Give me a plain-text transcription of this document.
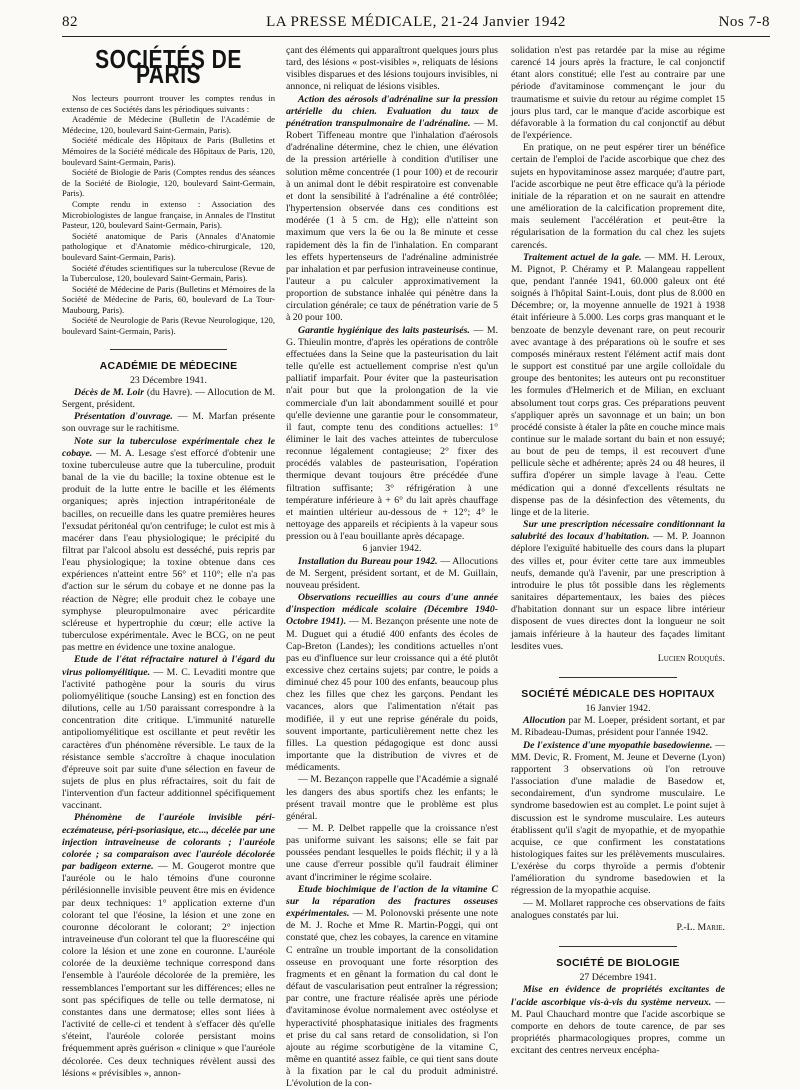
82	LA PRESSE MÉDICALE, 21-24 Janvier 1942	Nos 7-8
SOCIÉTÉS DE PARIS

Nos lecteurs pourront trouver les comptes rendus in extenso de ces Sociétés dans les périodiques suivants :

Académie de Médecine (Bulletin de l'Académie de Médecine, 120, boulevard Saint-Germain, Paris).

Société médicale des Hôpitaux de Paris (Bulletins et Mémoires de la Société médicale des Hôpitaux de Paris, 120, boulevard Saint-Germain, Paris).

Société de Biologie de Paris (Comptes rendus des séances de la Société de Biologie, 120, boulevard Saint-Germain, Paris).

Compte rendu in extenso : Association des Microbiologistes de langue française, in Annales de l'Institut Pasteur, 120, boulevard Saint-Germain, Paris).

Société anatomique de Paris (Annales d'Anatomie pathologique et d'Anatomie médico-chirurgicale, 120, boulevard Saint-Germain, Paris).

Société d'études scientifiques sur la tuberculose (Revue de la Tuberculose, 120, boulevard Saint-Germain, Paris).

Société de Médecine de Paris (Bulletins et Mémoires de la Société de Médecine de Paris, 60, boulevard de La Tour-Maubourg, Paris).

Société de Neurologie de Paris (Revue Neurologique, 120, boulevard Saint-Germain, Paris).

ACADÉMIE DE MÉDECINE

23 Décembre 1941.

Décès de M. Loir (du Havre). — Allocution de M. Sergent, président.

Présentation d'ouvrage. — M. Marfan présente son ouvrage sur le rachitisme.

Note sur la tuberculose expérimentale chez le cobaye. — M. A. Lesage s'est efforcé d'obtenir une toxine tuberculeuse autre que la tuberculine, produit banal de la vie du bacille; la toxine obtenue est le produit de la lutte entre le bacille et les éléments organiques; après injection intrapéritonéale de bacilles, on recueille dans les quatre premières heures l'exsudat péritonéal qu'on centrifuge; le culot est mis à macérer dans l'eau physiologique; le précipité du filtrat par l'alcool absolu est desséché, puis repris par l'eau physiologique; la toxine obtenue dans ces expériences n'atteint entre 56° et 110°; elle n'a pas d'action sur le sérum du cobaye et ne donne pas la réaction de Nègre; elle produit chez le cobaye une symphyse pleuropulmonaire avec péricardite scléreuse et hypertrophie du cœur; elle active la tuberculose expérimentale. Avec le BCG, on ne peut pas mettre en évidence une toxine analogue.

Etude de l'état réfractaire naturel à l'égard du virus poliomyélitique. — M. C. Levaditi montre que l'activité pathogène pour la souris du virus poliomyélitique (souche Lansing) est en fonction des dilutions, celle au 1/50 paraissant correspondre à la concentration dite critique. L'immunité naturelle antipoliomyélitique est oscillante et peut revêtir les caractères d'un phénomène réversible. Le taux de la résistance semble s'accroître à chaque inoculation d'épreuve soit par suite d'une sélection en faveur de sujets de plus en plus réfractaires, soit du fait de l'intervention d'un facteur additionnel spécifiquement vaccinant.

Phénomène de l'auréole invisible péri-eczémateuse, péri-psoriasique, etc..., décelée par une injection intraveineuse de colorants ; l'auréole colorée ; sa comparaison avec l'auréole décolorée par badigeon externe. — M. Gougerot montre que l'auréole ou le halo témoins d'une couronne périlésionnelle invisible peuvent être mis en évidence par deux techniques: 1° application externe d'un colorant tel que l'éosine, la lésion et une zone en couronne décolorant le colorant; 2° injection intraveineuse d'un colorant tel que la fluorescéine qui colore la lésion et une zone en couronne. L'auréole colorée de la deuxième technique correspond dans l'ensemble à l'auréole décolorée de la première, les ressemblances l'emportant sur les différences; elles ne sont pas spécifiques de telle ou telle dermatose, ni constantes dans une dermatose; elles sont liées à l'activité de celle-ci et tendent à s'effacer dès qu'elle s'éteint, l'auréole colorée persistant moins fréquemment après guérison « clinique » que l'auréole décolorée. Ces deux techniques révèlent aussi des lésions « prévisibles », annon-

çant des éléments qui apparaîtront quelques jours plus tard, des lésions « post-visibles », reliquats de lésions visibles disparues et des lésions toujours invisibles, ni annonce, ni reliquat de lésions visibles.

Action des aérosols d'adrénaline sur la pression artérielle du chien. Evaluation du taux de pénétration transpulmonaire de l'adrénaline. — M. Robert Tiffeneau montre que l'inhalation d'aérosols d'adrénaline détermine, chez le chien, une élévation de la pression artérielle à condition d'utiliser une solution même concentrée (1 pour 100) et de recourir à un animal dont le débit respiratoire est convenable et dont la sensibilité à l'adrénaline a été contrôlée; l'hypertension observée dans ces conditions est modérée (1 à 5 cm. de Hg); elle n'atteint son maximum que vers la 6e ou la 8e minute et cesse rapidement dès la fin de l'inhalation. En comparant les effets hypertenseurs de l'adrénaline administrée par inhalation et par perfusion intraveineuse continue, l'auteur a pu calculer approximativement la proportion de substance inhalée qui pénètre dans la circulation générale; ce taux de pénétration varie de 5 à 20 pour 100.

Garantie hygiénique des laits pasteurisés. — M. G. Thieulin montre, d'après les opérations de contrôle effectuées dans la Seine que la pasteurisation du lait telle qu'elle est actuellement comprise n'est qu'un palliatif imparfait. Pour éviter que la pasteurisation n'ait pour but que la prolongation de la vie commerciale d'un lait abondamment souillé et pour qu'elle devienne une garantie pour le consommateur, il faut, compte tenu des conditions actuelles: 1° éliminer le lait des vaches atteintes de tuberculose reconnue légalement contagieuse; 2° fixer des procédés valables de pasteurisation, l'opération thermique devant toujours être précédée d'une filtration suffisante; 3° réfrigération à une température inférieure à + 6° du lait après chauffage et maintien ultérieur au-dessous de + 12°; 4° le nettoyage des appareils et récipients à la vapeur sous pression ou à l'eau bouillante après décapage.

6 janvier 1942.

Installation du Bureau pour 1942. — Allocutions de M. Sergent, président sortant, et de M. Guillain, nouveau président.

Observations recueillies au cours d'une année d'inspection médicale scolaire (Décembre 1940-Octobre 1941). — M. Bezançon présente une note de M. Duguet qui a étudié 400 enfants des écoles de Cap-Breton (Landes); les conditions actuelles n'ont pas eu d'influence sur leur croissance qui a été plutôt excessive chez certains sujets; par contre, le poids a diminué chez 45 pour 100 des enfants, beaucoup plus chez les filles que chez les garçons. Pendant les vacances, alors que l'alimentation n'était pas modifiée, il y eut une reprise générale du poids, souvent importante, particulièrement nette chez les filles. La question pédagogique est donc aussi importante que la distribution de vivres et de médicaments.

— M. Bezançon rappelle que l'Académie a signalé les dangers des abus sportifs chez les enfants; le présent travail montre que le problème est plus général.

— M. P. Delbet rappelle que la croissance n'est pas uniforme suivant les saisons; elle se fait par poussées pendant lesquelles le poids fléchit; il y a là une cause d'erreur possible qu'il faudrait éliminer avant d'incriminer le régime scolaire.

Etude biochimique de l'action de la vitamine C sur la réparation des fractures osseuses expérimentales. — M. Polonovski présente une note de M. J. Roche et Mme R. Martin-Poggi, qui ont constaté que, chez les cobayes, la carence en vitamine C entraîne un trouble important de la consolidation osseuse en provoquant une forte résorption des fragments et en gênant la formation du cal dont le défaut de vascularisation peut entraîner la régression; par contre, une fracture réalisée après une période d'avitaminose évolue normalement avec ostéolyse et hyperactivité phosphatasique initiales des fragments et prise du cal sans retard de consolidation, si l'on ajoute au régime scorbutigène de la vitamine C, même en quantité assez faible, ce qui tient sans doute à la fixation par le cal du produit administré. L'évolution de la con-

solidation n'est pas retardée par la mise au régime carencé 14 jours après la fracture, le cal conjonctif étant alors constitué; elle l'est au contraire par une période d'avitaminose commençant le jour du traumatisme et suivie du retour au régime complet 15 jours plus tard, car le manque d'acide ascorbique est défavorable à la formation du cal conjonctif au début de l'expérience.

En pratique, on ne peut espérer tirer un bénéfice certain de l'emploi de l'acide ascorbique que chez des sujets en hypovitaminose assez marquée; d'autre part, l'acide ascorbique ne peut être efficace qu'à la période initiale de la réparation et on ne saurait en attendre une amélioration de la calcification proprement dite, mais seulement l'accélération et peut-être la régularisation de la formation du cal chez les sujets carencés.

Traitement actuel de la gale. — MM. H. Leroux, M. Pignot, P. Chéramy et P. Malangeau rappellent que, pendant l'année 1941, 60.000 galeux ont été soignés à l'hôpital Saint-Louis, dont plus de 8.000 en Décembre; or, la moyenne annuelle de 1921 à 1938 était inférieure à 5.000. Les corps gras manquant et le benzoate de benzyle devenant rare, on peut recourir avec avantage à des préparations où le soufre et ses composés minéraux restent l'élément actif mais dont le support est constitué par une argile colloïdale du groupe des bentonites; les auteurs ont pu reconstituer les formules d'Helmerich et de Milian, en excluant absolument tout corps gras. Ces préparations peuvent s'appliquer après un savonnage et un bain; un bon procédé consiste à étaler la pâte en couche mince mais continue sur le malade sortant du bain et non essuyé; au bout de peu de temps, il est recouvert d'une pellicule sèche et adhérente; après 24 ou 48 heures, il suffira d'opérer un simple lavage à l'eau. Cette médication qui a donné d'excellents résultats ne dispense pas de la désinfection des vêtements, du linge et de la literie.

Sur une prescription nécessaire conditionnant la salubrité des locaux d'habitation. — M. P. Joannon déplore l'exiguïté habituelle des cours dans la plupart des villes et, pour éviter cette tare aux immeubles neufs, demande qu'à l'avenir, par une prescription à introduire le plus tôt possible dans les règlements sanitaires départementaux, les baies des pièces d'habitation donnant sur un espace libre intérieur disposent de vues directes dont la longueur ne soit jamais inférieure à la hauteur des façades limitant lesdites vues.

Lucien Rouquès.

SOCIÉTÉ MÉDICALE DES HOPITAUX

16 Janvier 1942.

Allocution par M. Loeper, président sortant, et par M. Ribadeau-Dumas, président pour l'année 1942.

De l'existence d'une myopathie basedowienne. — MM. Devic, R. Froment, M. Jeune et Deverne (Lyon) rapportent 3 observations où l'on retrouve l'association d'une maladie de Basedow et, secondairement, d'un syndrome musculaire. Le syndrome basedowien est au complet. Le point sujet à discussion est le syndrome musculaire. Les auteurs établissent qu'il s'agit de myopathie, et de myopathie acquise, ce que confirment les constatations histologiques faites sur les prélèvements musculaires. L'exérèse du corps thyroïde a permis d'obtenir l'amélioration du syndrome basedowien et la régression de la myopathie acquise.

— M. Mollaret rapproche ces observations de faits analogues constatés par lui.

P.-L. Marie.

SOCIÉTÉ DE BIOLOGIE

27 Décembre 1941.

Mise en évidence de propriétés excitantes de l'acide ascorbique vis-à-vis du système nerveux. — M. Paul Chauchard montre que l'acide ascorbique se comporte en dehors de toute carence, de par ses propriétés pharmacologiques propres, comme un excitant des centres nerveux encépha-
